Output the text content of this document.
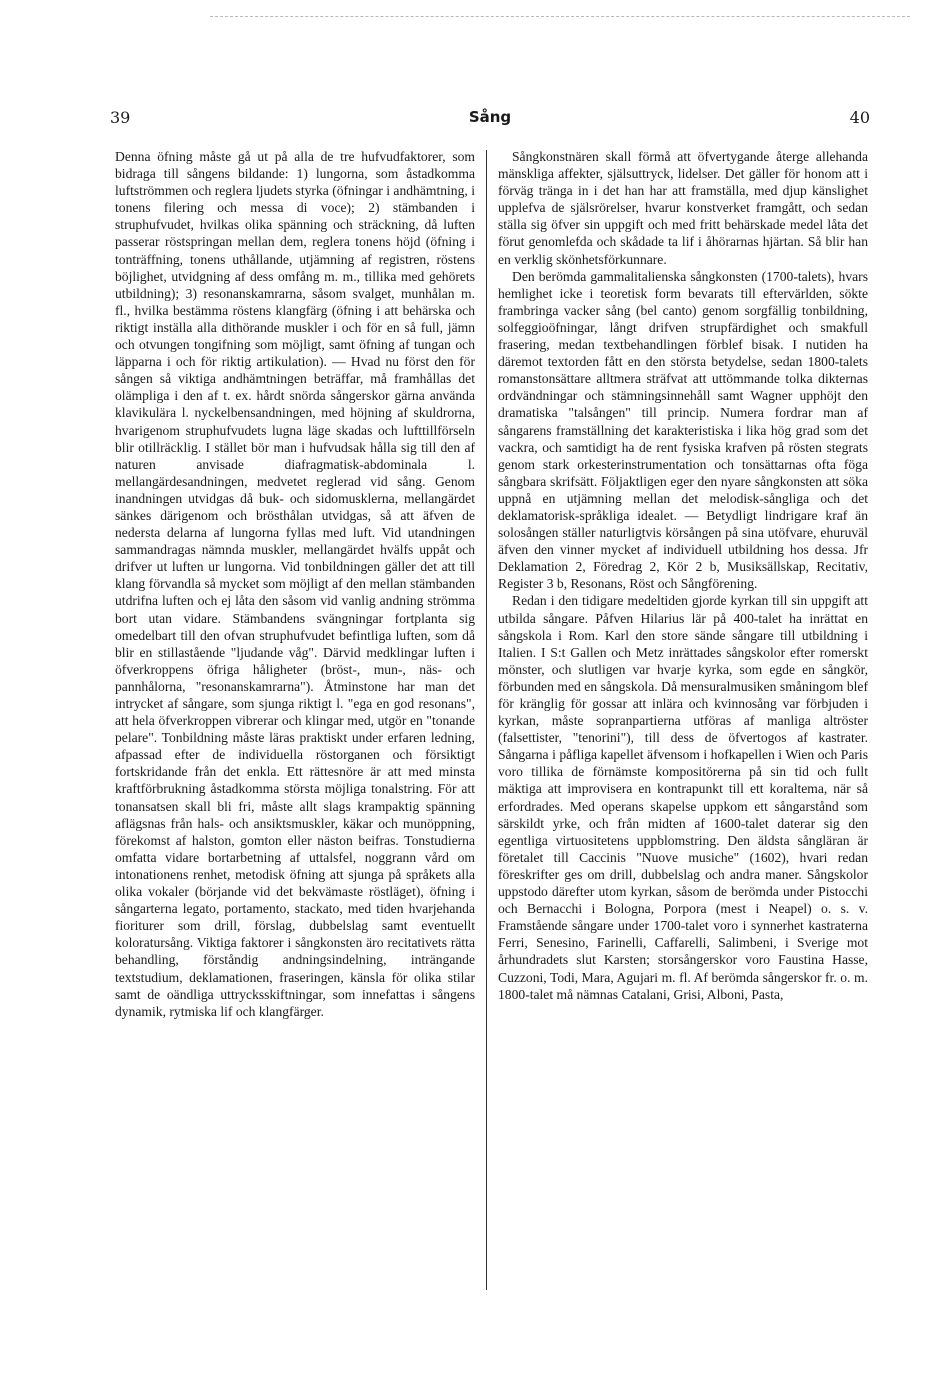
39	Sång	40

Denna öfning måste gå ut på alla de tre hufvudfaktorer, som bidraga till sångens bildande: 1) lungorna, som åstadkomma luftströmmen och reglera ljudets styrka (öfningar i andhämtning, i tonens filering och messa di voce); 2) stämbanden i struphufvudet, hvilkas olika spänning och sträckning, då luften passerar röstspringan mellan dem, reglera tonens höjd (öfning i tonträffning, tonens uthållande, utjämning af registren, röstens böjlighet, utvidgning af dess omfång m. m., tillika med gehörets utbildning); 3) resonanskamrarna, såsom svalget, munhålan m. fl., hvilka bestämma röstens klangfärg (öfning i att behärska och riktigt inställa alla dithörande muskler i och för en så full, jämn och otvungen tongifning som möjligt, samt öfning af tungan och läpparna i och för riktig artikulation). — Hvad nu först den för sången så viktiga andhämtningen beträffar, må framhållas det olämpliga i den af t. ex. hårdt snörda sångerskor gärna använda klavikulära l. nyckelbensandningen, med höjning af skuldrorna, hvarigenom struphufvudets lugna läge skadas och lufttillförseln blir otillräcklig. I stället bör man i hufvudsak hålla sig till den af naturen anvisade diafragmatisk-abdominala l. mellangärdesandningen, medvetet reglerad vid sång. Genom inandningen utvidgas då buk- och sidomusklerna, mellangärdet sänkes därigenom och brösthålan utvidgas, så att äfven de nedersta delarna af lungorna fyllas med luft. Vid utandningen sammandragas nämnda muskler, mellangärdet hvälfs uppåt och drifver ut luften ur lungorna. Vid tonbildningen gäller det att till klang förvandla så mycket som möjligt af den mellan stämbanden utdrifna luften och ej låta den såsom vid vanlig andning strömma bort utan vidare. Stämbandens svängningar fortplanta sig omedelbart till den ofvan struphufvudet befintliga luften, som då blir en stillastående "ljudande våg". Därvid medklingar luften i öfverkroppens öfriga håligheter (bröst-, mun-, näs- och pannhålorna, "resonanskamrarna"). Åtminstone har man det intrycket af sångare, som sjunga riktigt l. "ega en god resonans", att hela öfverkroppen vibrerar och klingar med, utgör en "tonande pelare". Tonbildning måste läras praktiskt under erfaren ledning, afpassad efter de individuella röstorganen och försiktigt fortskridande från det enkla. Ett rättesnöre är att med minsta kraftförbrukning åstadkomma största möjliga tonalstring. För att tonansatsen skall bli fri, måste allt slags krampaktig spänning aflägsnas från hals- och ansiktsmuskler, käkar och munöppning, förekomst af halston, gomton eller näston beifras. Tonstudierna omfatta vidare bortarbetning af uttalsfel, noggrann vård om intonationens renhet, metodisk öfning att sjunga på språkets alla olika vokaler (börjande vid det bekvämaste röstläget), öfning i sångarterna legato, portamento, stackato, med tiden hvarjehanda fioriturer som drill, förslag, dubbelslag samt eventuellt koloratursång. Viktiga faktorer i sångkonsten äro recitativets rätta behandling, förståndig andningsindelning, inträngande textstudium, deklamationen, fraseringen, känsla för olika stilar samt de oändliga uttrycksskiftningar, som innefattas i sångens dynamik, rytmiska lif och klangfärger.

Sångkonstnären skall förmå att öfvertygande återge allehanda mänskliga affekter, själsuttryck, lidelser. Det gäller för honom att i förväg tränga in i det han har att framställa, med djup känslighet upplefva de själsrörelser, hvarur konstverket framgått, och sedan ställa sig öfver sin uppgift och med fritt behärskade medel låta det förut genomlefda och skådade ta lif i åhörarnas hjärtan. Så blir han en verklig skönhetsförkunnare.

Den berömda gammalitalienska sångkonsten (1700-talets), hvars hemlighet icke i teoretisk form bevarats till eftervärlden, sökte frambringa vacker sång (bel canto) genom sorgfällig tonbildning, solfeggioöfningar, långt drifven strupfärdighet och smakfull frasering, medan textbehandlingen förblef bisak. I nutiden ha däremot textorden fått en den största betydelse, sedan 1800-talets romanstonsättare alltmera sträfvat att uttömmande tolka dikternas ordvändningar och stämningsinnehåll samt Wagner upphöjt den dramatiska "talsången" till princip. Numera fordrar man af sångarens framställning det karakteristiska i lika hög grad som det vackra, och samtidigt ha de rent fysiska krafven på rösten stegrats genom stark orkesterinstrumentation och tonsättarnas ofta föga sångbara skrifsätt. Följaktligen eger den nyare sångkonsten att söka uppnå en utjämning mellan det melodisk-sångliga och det deklamatorisk-språkliga idealet. — Betydligt lindrigare kraf än solosången ställer naturligtvis körsången på sina utöfvare, ehuruväl äfven den vinner mycket af individuell utbildning hos dessa. Jfr Deklamation 2, Föredrag 2, Kör 2 b, Musiksällskap, Recitativ, Register 3 b, Resonans, Röst och Sångförening.

Redan i den tidigare medeltiden gjorde kyrkan till sin uppgift att utbilda sångare. Påfven Hilarius lär på 400-talet ha inrättat en sångskola i Rom. Karl den store sände sångare till utbildning i Italien. I S:t Gallen och Metz inrättades sångskolor efter romerskt mönster, och slutligen var hvarje kyrka, som egde en sångkör, förbunden med en sångskola. Då mensuralmusiken småningom blef för kränglig för gossar att inlära och kvinnosång var förbjuden i kyrkan, måste sopranpartierna utföras af manliga altröster (falsettister, "tenorini"), till dess de öfvertogos af kastrater. Sångarna i påfliga kapellet äfvensom i hofkapellen i Wien och Paris voro tillika de förnämste kompositörerna på sin tid och fullt mäktiga att improvisera en kontrapunkt till ett koraltema, när så erfordrades. Med operans skapelse uppkom ett sångarstånd som särskildt yrke, och från midten af 1600-talet daterar sig den egentliga virtuositetens uppblomstring. Den äldsta sångläran är företalet till Caccinis "Nuove musiche" (1602), hvari redan föreskrifter ges om drill, dubbelslag och andra maner. Sångskolor uppstodo därefter utom kyrkan, såsom de berömda under Pistocchi och Bernacchi i Bologna, Porpora (mest i Neapel) o. s. v. Framstående sångare under 1700-talet voro i synnerhet kastraterna Ferri, Senesino, Farinelli, Caffarelli, Salimbeni, i Sverige mot århundradets slut Karsten; storsångerskor voro Faustina Hasse, Cuzzoni, Todi, Mara, Agujari m. fl. Af berömda sångerskor fr. o. m. 1800-talet må nämnas Catalani, Grisi, Alboni, Pasta,
